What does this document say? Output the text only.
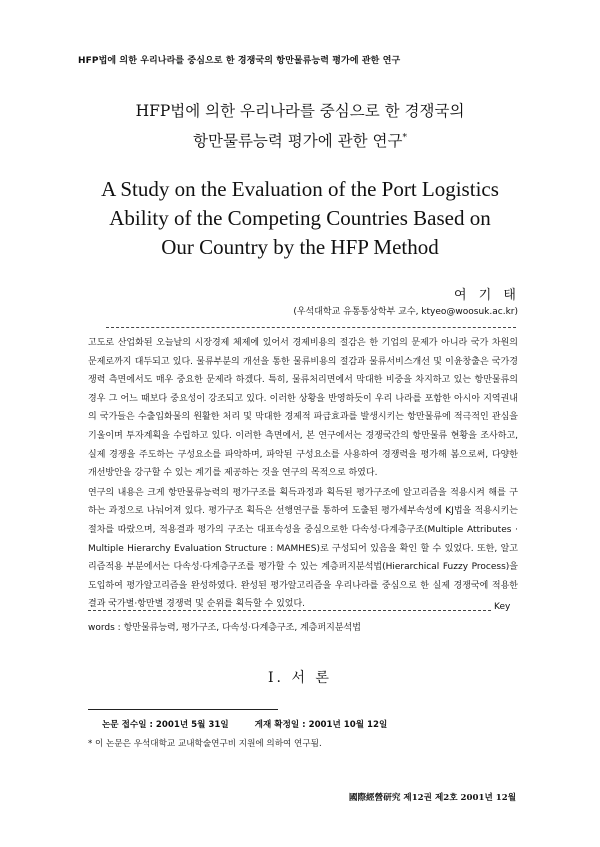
HFP법에 의한 우리나라를 중심으로 한 경쟁국의 항만물류능력 평가에 관한 연구
HFP법에 의한 우리나라를 중심으로 한 경쟁국의
항만물류능력 평가에 관한 연구*
A Study on the Evaluation of the Port Logistics
Ability of the Competing Countries Based on
Our Country by the HFP Method
여 기 태
(우석대학교 유통통상학부 교수, ktyeo@woosuk.ac.kr)

고도로 산업화된 오늘날의 시장경제 체제에 있어서 경제비용의 절감은 한 기업의 문제가 아니라 국가 차원의 문제로까지 대두되고 있다. 물류부분의 개선을 통한 물류비용의 절감과 물류서비스개선 및 이윤창출은 국가경쟁력 측면에서도 매우 중요한 문제라 하겠다. 특히, 물류처리면에서 막대한 비중을 차지하고 있는 항만물류의 경우 그 어느 때보다 중요성이 강조되고 있다. 이러한 상황을 반영하듯이 우리 나라를 포함한 아시아 지역권내의 국가들은 수출입화물의 원활한 처리 및 막대한 경제적 파급효과를 발생시키는 항만물류에 적극적인 관심을 기울이며 투자계획을 수립하고 있다. 이러한 측면에서, 본 연구에서는 경쟁국간의 항만물류 현황을 조사하고, 실제 경쟁을 주도하는 구성요소를 파악하며, 파악된 구성요소를 사용하여 경쟁력을 평가해 봄으로써, 다양한 개선방안을 강구할 수 있는 계기를 제공하는 것을 연구의 목적으로 하였다.

연구의 내용은 크게 항만물류능력의 평가구조를 획득과정과 획득된 평가구조에 알고리즘을 적용시켜 해를 구하는 과정으로 나눠어져 있다. 평가구조 획득은 선행연구를 통하여 도출된 평가세부속성에 KJ법을 적용시키는 절차를 따랐으며, 적용결과 평가의 구조는 대표속성을 중심으로한 다속성·다계층구조(Multiple Attributes · Multiple Hierarchy Evaluation Structure : MAMHES)로 구성되어 있음을 확인 할 수 있었다. 또한, 알고리즘적용 부분에서는 다속성·다계층구조를 평가할 수 있는 계층퍼지분석법(Hierarchical Fuzzy Process)을 도입하여 평가알고리즘을 완성하였다. 완성된 평가알고리즘을 우리나라를 중심으로 한 실제 경쟁국에 적용한 결과 국가별·항만별 경쟁력 및 순위를 획득할 수 있었다.	Key
words : 항만물류능력, 평가구조, 다속성·다계층구조, 계층퍼지분석법
I. 서 론
논문 접수일 : 2001년 5월 31일	게재 확정일 : 2001년 10월 12일
* 이 논문은 우석대학교 교내학술연구비 지원에 의하여 연구됨.
國際經營研究 제12권 제2호 2001년 12월
